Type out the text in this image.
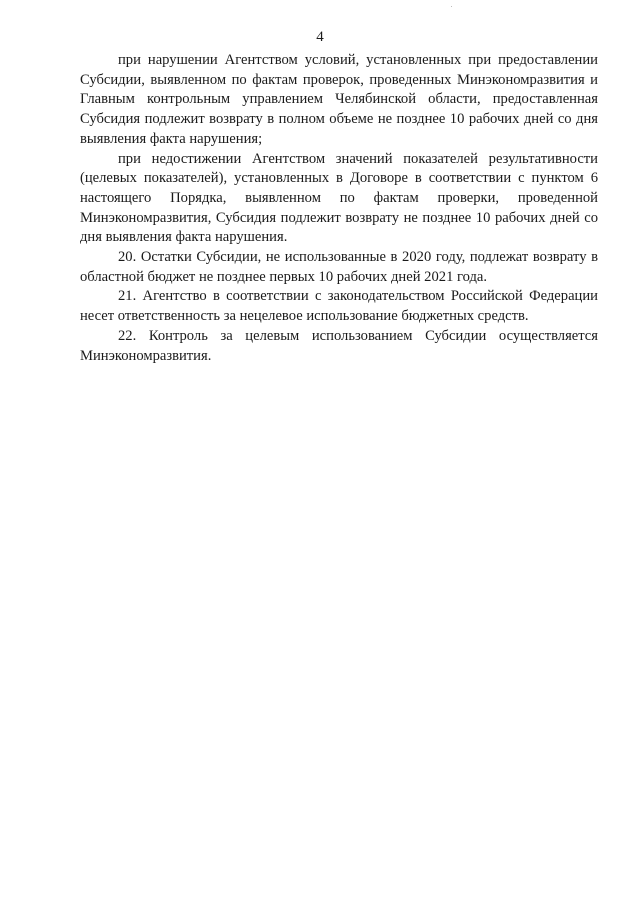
4

при нарушении Агентством условий, установленных при предоставлении Субсидии, выявленном по фактам проверок, проведенных Минэкономразвития и Главным контрольным управлением Челябинской области, предоставленная Субсидия подлежит возврату в полном объеме не позднее 10 рабочих дней со дня выявления факта нарушения;

при недостижении Агентством значений показателей результативности (целевых показателей), установленных в Договоре в соответствии с пунктом 6 настоящего Порядка, выявленном по фактам проверки, проведенной Минэкономразвития, Субсидия подлежит возврату не позднее 10 рабочих дней со дня выявления факта нарушения.

20. Остатки Субсидии, не использованные в 2020 году, подлежат возврату в областной бюджет не позднее первых 10 рабочих дней 2021 года.

21. Агентство в соответствии с законодательством Российской Федерации несет ответственность за нецелевое использование бюджетных средств.

22. Контроль за целевым использованием Субсидии осуществляется Минэкономразвития.
